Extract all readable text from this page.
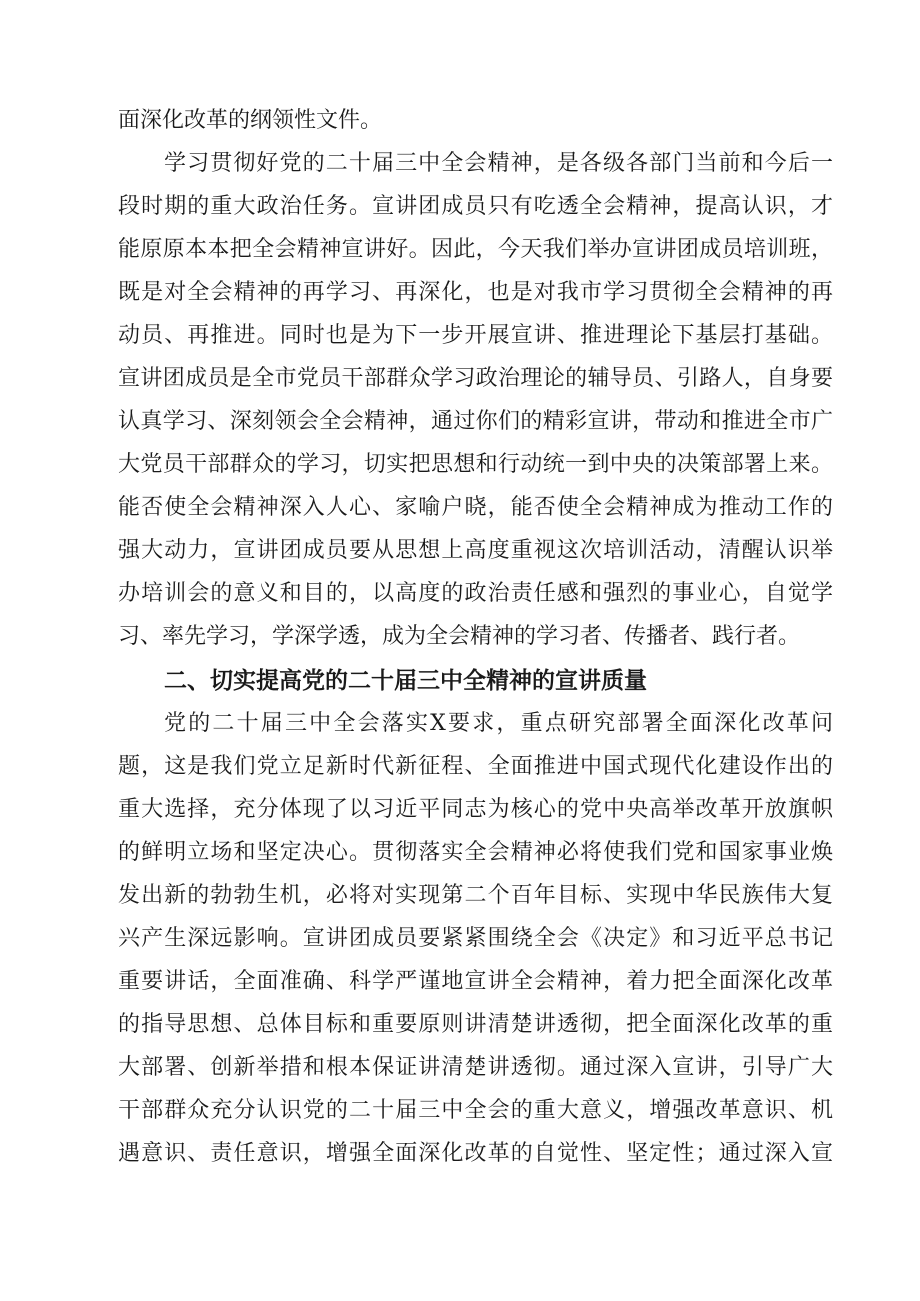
面深化改革的纲领性文件。
学习贯彻好党的二十届三中全会精神，是各级各部门当前和今后一
段时期的重大政治任务。宣讲团成员只有吃透全会精神，提高认识，才
能原原本本把全会精神宣讲好。因此，今天我们举办宣讲团成员培训班，
既是对全会精神的再学习、再深化，也是对我市学习贯彻全会精神的再
动员、再推进。同时也是为下一步开展宣讲、推进理论下基层打基础。
宣讲团成员是全市党员干部群众学习政治理论的辅导员、引路人，自身要
认真学习、深刻领会全会精神，通过你们的精彩宣讲，带动和推进全市广
大党员干部群众的学习，切实把思想和行动统一到中央的决策部署上来。
能否使全会精神深入人心、家喻户晓，能否使全会精神成为推动工作的
强大动力，宣讲团成员要从思想上高度重视这次培训活动，清醒认识举
办培训会的意义和目的，以高度的政治责任感和强烈的事业心，自觉学
习、率先学习，学深学透，成为全会精神的学习者、传播者、践行者。
二、切实提高党的二十届三中全精神的宣讲质量
党的二十届三中全会落实X要求，重点研究部署全面深化改革问
题，这是我们党立足新时代新征程、全面推进中国式现代化建设作出的
重大选择，充分体现了以习近平同志为核心的党中央高举改革开放旗帜
的鲜明立场和坚定决心。贯彻落实全会精神必将使我们党和国家事业焕
发出新的勃勃生机，必将对实现第二个百年目标、实现中华民族伟大复
兴产生深远影响。宣讲团成员要紧紧围绕全会《决定》和习近平总书记
重要讲话，全面准确、科学严谨地宣讲全会精神，着力把全面深化改革
的指导思想、总体目标和重要原则讲清楚讲透彻，把全面深化改革的重
大部署、创新举措和根本保证讲清楚讲透彻。通过深入宣讲，引导广大
干部群众充分认识党的二十届三中全会的重大意义，增强改革意识、机
遇意识、责任意识，增强全面深化改革的自觉性、坚定性；通过深入宣
